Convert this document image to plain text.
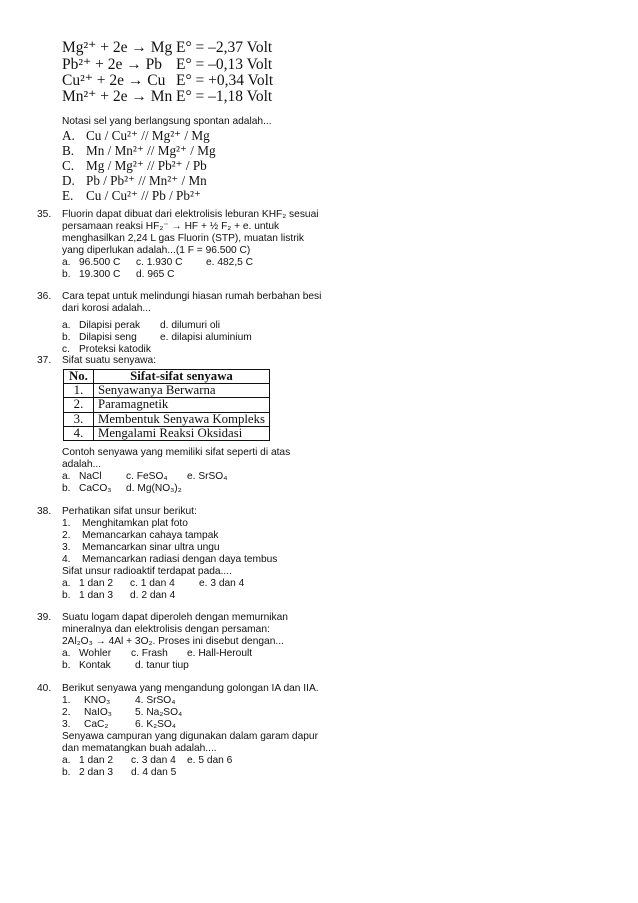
Mg²⁺ + 2e → Mg E° = –2,37 Volt
Pb²⁺ + 2e → Pb E° = –0,13 Volt
Cu²⁺ + 2e → Cu E° = +0,34 Volt
Mn²⁺ + 2e → Mn E° = –1,18 Volt
Notasi sel yang berlangsung spontan adalah...
A. Cu / Cu²⁺ // Mg²⁺ / Mg
B. Mn / Mn²⁺ // Mg²⁺ / Mg
C. Mg / Mg²⁺ // Pb²⁺ / Pb
D. Pb / Pb²⁺ // Mn²⁺ / Mn
E. Cu / Cu²⁺ // Pb / Pb²⁺
35. Fluorin dapat dibuat dari elektrolisis leburan KHF₂ sesuai
persamaan reaksi HF₂⁻ → HF + ½ F₂ + e. untuk
menghasilkan 2,24 L gas Fluorin (STP), muatan listrik
yang diperlukan adalah...(1 F = 96.500 C)
a. 96.500 C c. 1.930 C e. 482,5 C
b. 19.300 C d. 965 C
36. Cara tepat untuk melindungi hiasan rumah berbahan besi
dari korosi adalah...
a. Dilapisi perak d. dilumuri oli
b. Dilapisi seng e. dilapisi aluminium
c. Proteksi katodik
37. Sifat suatu senyawa:
No.	Sifat-sifat senyawa
1.	Senyawanya Berwarna
2.	Paramagnetik
3.	Membentuk Senyawa Kompleks
4.	Mengalami Reaksi Oksidasi
Contoh senyawa yang memiliki sifat seperti di atas
adalah...
a. NaCl c. FeSO₄ e. SrSO₄
b. CaCO₃ d. Mg(NO₃)₂
38. Perhatikan sifat unsur berikut:
1. Menghitamkan plat foto
2. Memancarkan cahaya tampak
3. Memancarkan sinar ultra ungu
4. Memancarkan radiasi dengan daya tembus
Sifat unsur radioaktif terdapat pada....
a. 1 dan 2 c. 1 dan 4 e. 3 dan 4
b. 1 dan 3 d. 2 dan 4
39. Suatu logam dapat diperoleh dengan memurnikan
mineralnya dan elektrolisis dengan persaman:
2Al₂O₃ → 4Al + 3O₂. Proses ini disebut dengan...
a. Wohler c. Frash e. Hall-Heroult
b. Kontak d. tanur tiup
40. Berikut senyawa yang mengandung golongan IA dan IIA.
1. KNO₃ 4. SrSO₄
2. NaIO₃ 5. Na₂SO₄
3. CaC₂	6. K₂SO₄
Senyawa campuran yang digunakan dalam garam dapur
dan mematangkan buah adalah....
a. 1 dan 2 c. 3 dan 4 e. 5 dan 6
b. 2 dan 3 d. 4 dan 5
